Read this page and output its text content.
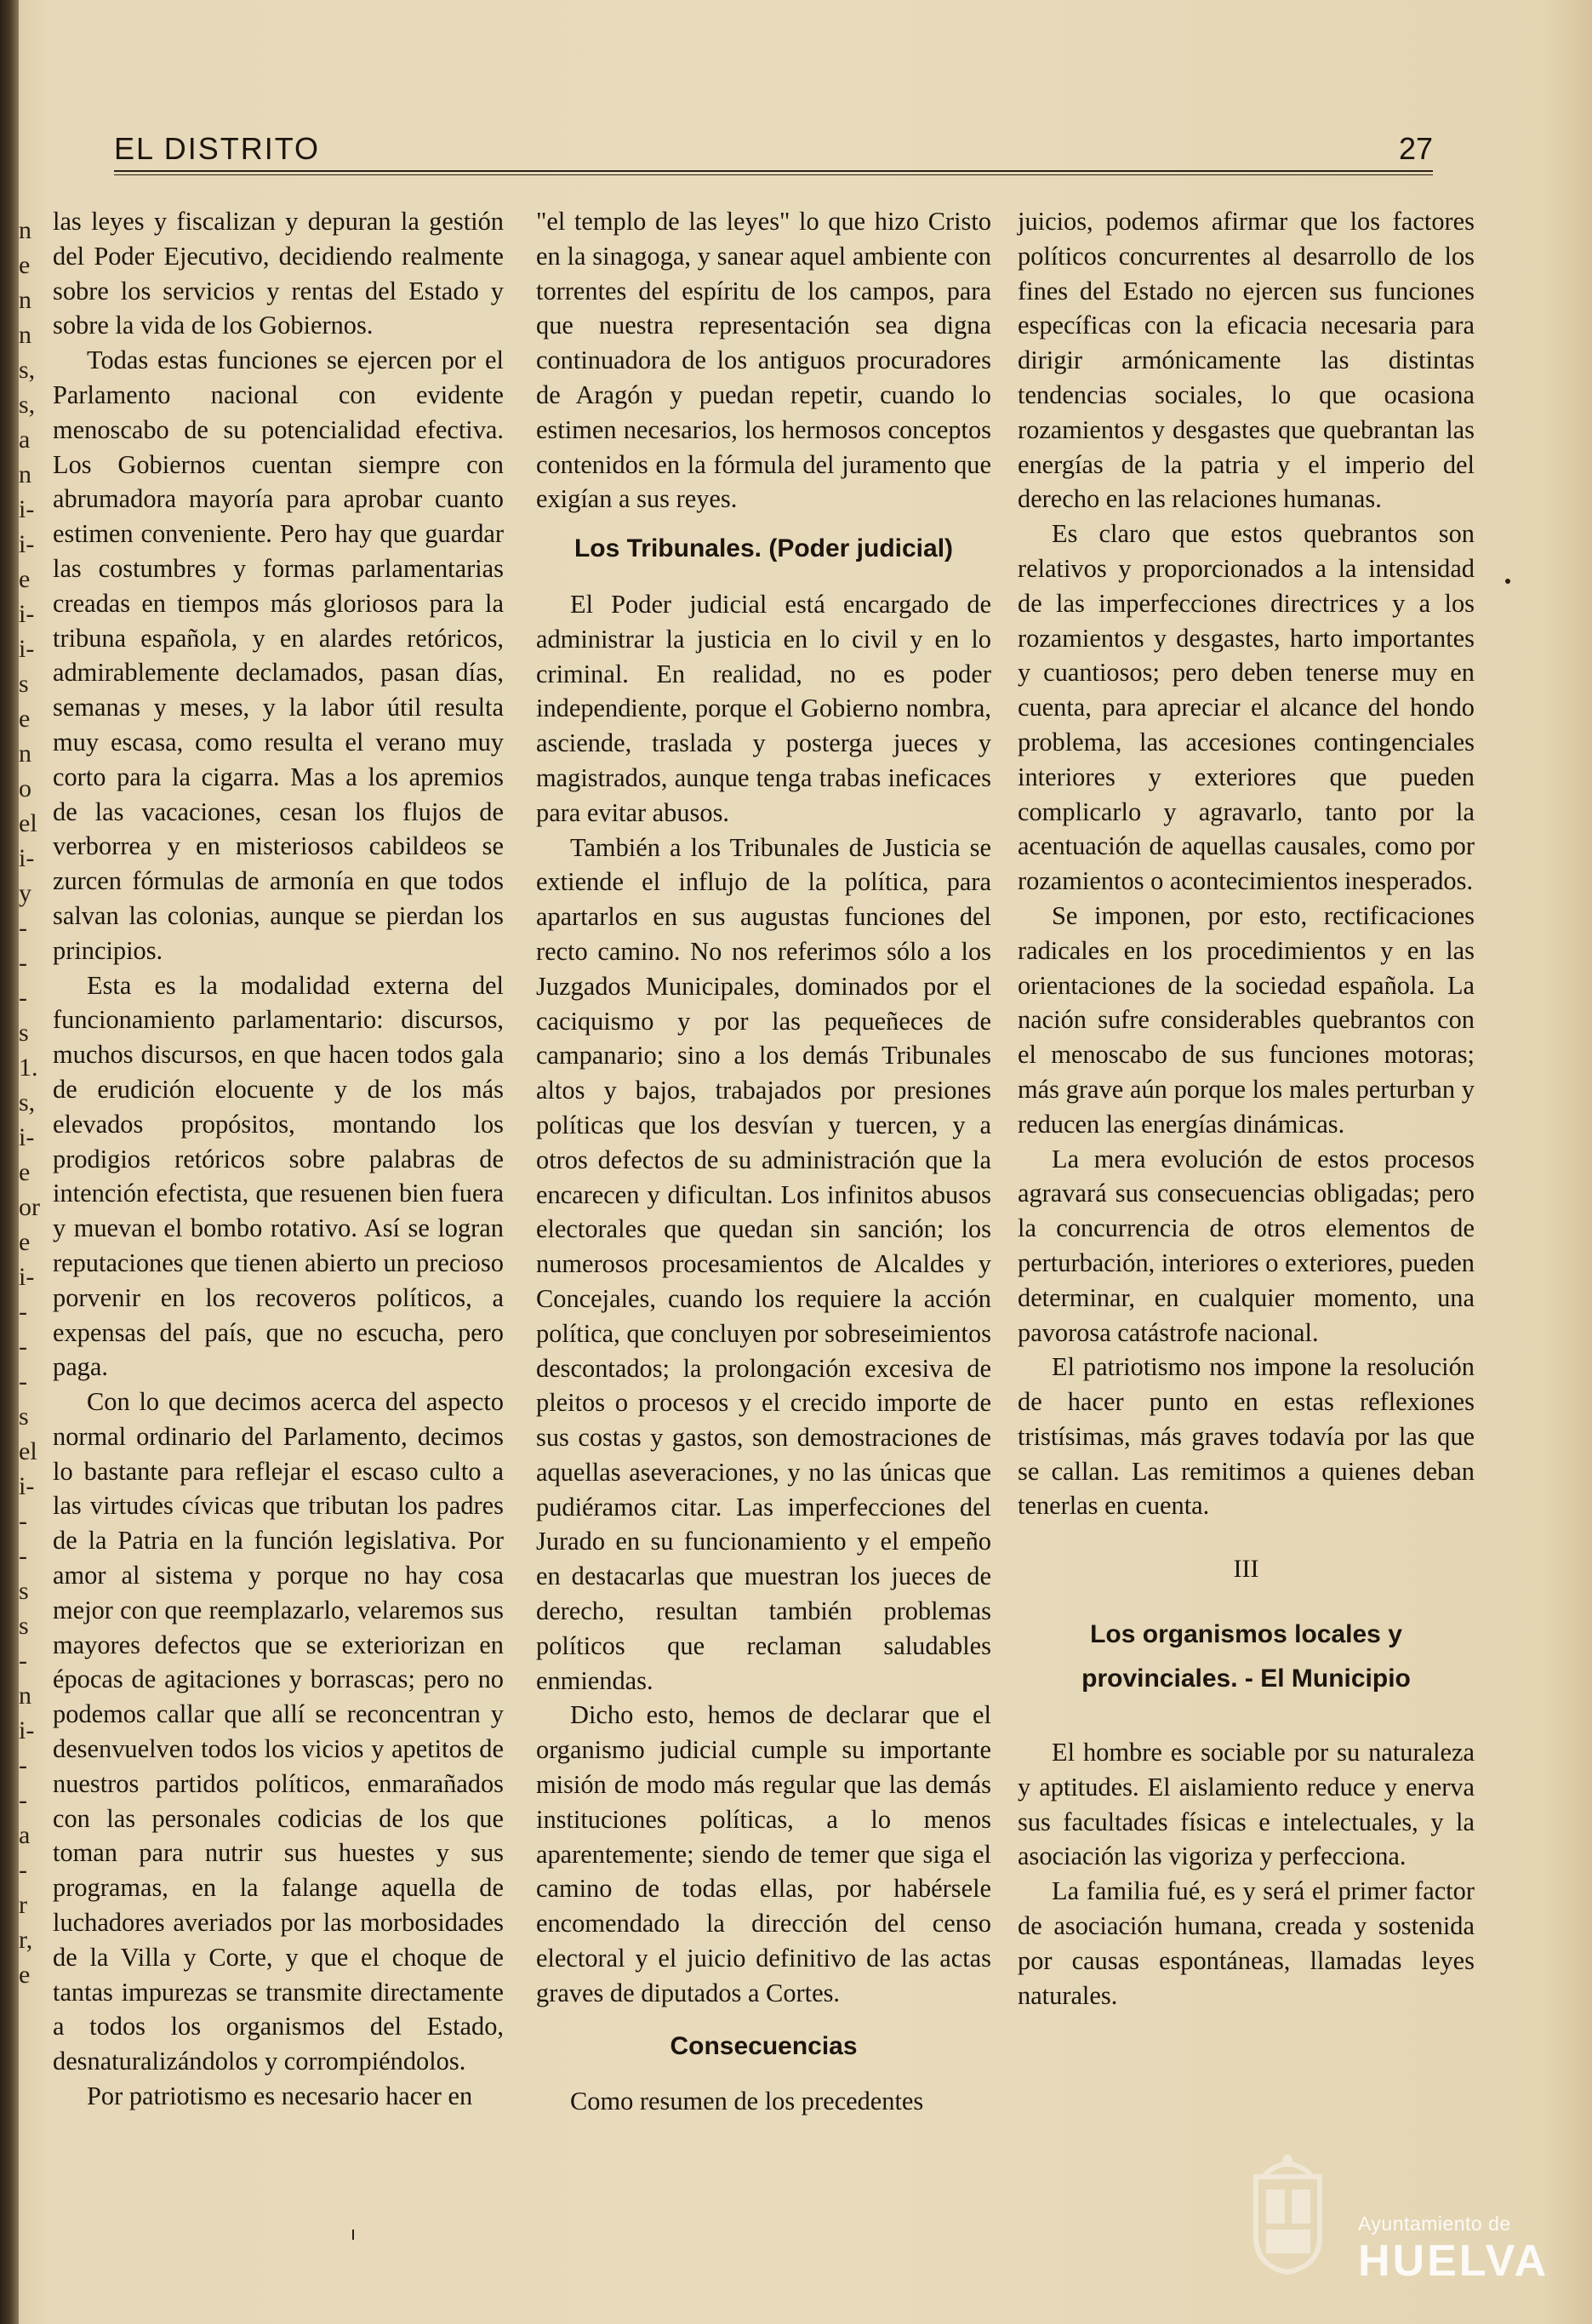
n
e
n
n
s,
s,
a
n
i-
i-
e
i-
i-
s
e
n
o
el
i-
y
-
-
-
s
1.
s,
i-
e
or
e
i-
-
-
-
s
el
i-
-
-
s
s
-
n
i-
-
-
a
-
r
r,
e
EL DISTRITO	27

las leyes y fiscalizan y depuran la gestión del Poder Ejecutivo, decidiendo realmente sobre los servicios y rentas del Estado y sobre la vida de los Gobiernos.

Todas estas funciones se ejercen por el Parlamento nacional con evidente menoscabo de su potencialidad efectiva. Los Gobiernos cuentan siempre con abrumadora mayoría para aprobar cuanto estimen conveniente. Pero hay que guardar las costumbres y formas parlamentarias creadas en tiempos más gloriosos para la tribuna española, y en alardes retóricos, admirablemente declamados, pasan días, semanas y meses, y la labor útil resulta muy escasa, como resulta el verano muy corto para la cigarra. Mas a los apremios de las vacaciones, cesan los flujos de verborrea y en misteriosos cabildeos se zurcen fórmulas de armonía en que todos salvan las colonias, aunque se pierdan los principios.

Esta es la modalidad externa del funcionamiento parlamentario: discursos, muchos discursos, en que hacen todos gala de erudición elocuente y de los más elevados propósitos, montando los prodigios retóricos sobre palabras de intención efectista, que resuenen bien fuera y muevan el bombo rotativo. Así se logran reputaciones que tienen abierto un precioso porvenir en los recoveros políticos, a expensas del país, que no escucha, pero paga.

Con lo que decimos acerca del aspecto normal ordinario del Parlamento, decimos lo bastante para reflejar el escaso culto a las virtudes cívicas que tributan los padres de la Patria en la función legislativa. Por amor al sistema y porque no hay cosa mejor con que reemplazarlo, velaremos sus mayores defectos que se exteriorizan en épocas de agitaciones y borrascas; pero no podemos callar que allí se reconcentran y desenvuelven todos los vicios y apetitos de nuestros partidos políticos, enmarañados con las personales codicias de los que toman para nutrir sus huestes y sus programas, en la falange aquella de luchadores averiados por las morbosidades de la Villa y Corte, y que el choque de tantas impurezas se transmite directamente a todos los organismos del Estado, desnaturalizándolos y corrompiéndolos.

Por patriotismo es necesario hacer en

"el templo de las leyes" lo que hizo Cristo en la sinagoga, y sanear aquel ambiente con torrentes del espíritu de los campos, para que nuestra representación sea digna continuadora de los antiguos procuradores de Aragón y puedan repetir, cuando lo estimen necesarios, los hermosos conceptos contenidos en la fórmula del juramento que exigían a sus reyes.

Los Tribunales. (Poder judicial)

El Poder judicial está encargado de administrar la justicia en lo civil y en lo criminal. En realidad, no es poder independiente, porque el Gobierno nombra, asciende, traslada y posterga jueces y magistrados, aunque tenga trabas ineficaces para evitar abusos.

También a los Tribunales de Justicia se extiende el influjo de la política, para apartarlos en sus augustas funciones del recto camino. No nos referimos sólo a los Juzgados Municipales, dominados por el caciquismo y por las pequeñeces de campanario; sino a los demás Tribunales altos y bajos, trabajados por presiones políticas que los desvían y tuercen, y a otros defectos de su administración que la encarecen y dificultan. Los infinitos abusos electorales que quedan sin sanción; los numerosos procesamientos de Alcaldes y Concejales, cuando los requiere la acción política, que concluyen por sobreseimientos descontados; la prolongación excesiva de pleitos o procesos y el crecido importe de sus costas y gastos, son demostraciones de aquellas aseveraciones, y no las únicas que pudiéramos citar. Las imperfecciones del Jurado en su funcionamiento y el empeño en destacarlas que muestran los jueces de derecho, resultan también problemas políticos que reclaman saludables enmiendas.

Dicho esto, hemos de declarar que el organismo judicial cumple su importante misión de modo más regular que las demás instituciones políticas, a lo menos aparentemente; siendo de temer que siga el camino de todas ellas, por habérsele encomendado la dirección del censo electoral y el juicio definitivo de las actas graves de diputados a Cortes.

Consecuencias

Como resumen de los precedentes

juicios, podemos afirmar que los factores políticos concurrentes al desarrollo de los fines del Estado no ejercen sus funciones específicas con la eficacia necesaria para dirigir armónicamente las distintas tendencias sociales, lo que ocasiona rozamientos y desgastes que quebrantan las energías de la patria y el imperio del derecho en las relaciones humanas.

Es claro que estos quebrantos son relativos y proporcionados a la intensidad de las imperfecciones directrices y a los rozamientos y desgastes, harto importantes y cuantiosos; pero deben tenerse muy en cuenta, para apreciar el alcance del hondo problema, las accesiones contingenciales interiores y exteriores que pueden complicarlo y agravarlo, tanto por la acentuación de aquellas causales, como por rozamientos o acontecimientos inesperados.

Se imponen, por esto, rectificaciones radicales en los procedimientos y en las orientaciones de la sociedad española. La nación sufre considerables quebrantos con el menoscabo de sus funciones motoras; más grave aún porque los males perturban y reducen las energías dinámicas.

La mera evolución de estos procesos agravará sus consecuencias obligadas; pero la concurrencia de otros elementos de perturbación, interiores o exteriores, pueden determinar, en cualquier momento, una pavorosa catástrofe nacional.

El patriotismo nos impone la resolución de hacer punto en estas reflexiones tristísimas, más graves todavía por las que se callan. Las remitimos a quienes deban tenerlas en cuenta.

III
Los organismos locales y provinciales. - El Municipio

El hombre es sociable por su naturaleza y aptitudes. El aislamiento reduce y enerva sus facultades físicas e intelectuales, y la asociación las vigoriza y perfecciona.

La familia fué, es y será el primer factor de asociación humana, creada y sostenida por causas espontáneas, llamadas leyes naturales.

Ayuntamiento de
HUELVA
